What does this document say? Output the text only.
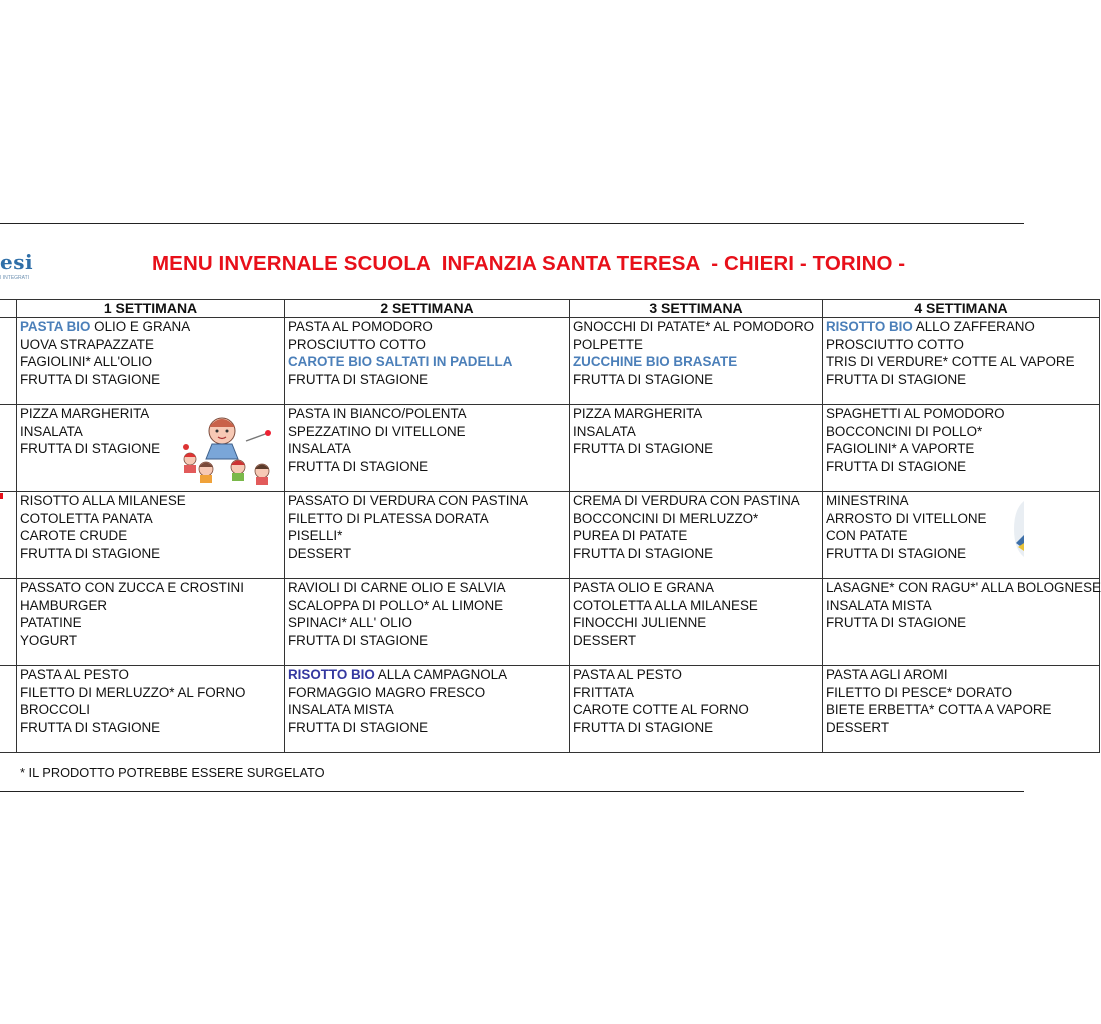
esi
I INTEGRATI
MENU INVERNALE SCUOLA  INFANZIA SANTA TERESA  - CHIERI - TORINO -
	1 SETTIMANA	2 SETTIMANA	3 SETTIMANA	4 SETTIMANA

	PASTA BIO OLIO E GRANA
UOVA STRAPAZZATE
FAGIOLINI* ALL'OLIO
FRUTTA DI STAGIONE	PASTA AL POMODORO
PROSCIUTTO COTTO
CAROTE BIO SALTATI IN PADELLA
FRUTTA DI STAGIONE	GNOCCHI DI PATATE* AL POMODORO
POLPETTE
ZUCCHINE BIO BRASATE
FRUTTA DI STAGIONE	RISOTTO BIO ALLO ZAFFERANO
PROSCIUTTO COTTO
TRIS DI VERDURE* COTTE AL VAPORE
FRUTTA DI STAGIONE

	PIZZA MARGHERITA
INSALATA
FRUTTA DI STAGIONE	PASTA IN BIANCO/POLENTA
SPEZZATINO DI VITELLONE
INSALATA
FRUTTA DI STAGIONE	PIZZA MARGHERITA
INSALATA
FRUTTA DI STAGIONE	SPAGHETTI AL POMODORO
BOCCONCINI DI POLLO*
FAGIOLINI* A VAPORTE
FRUTTA DI STAGIONE

	RISOTTO ALLA MILANESE
COTOLETTA PANATA
CAROTE CRUDE
FRUTTA DI STAGIONE	PASSATO DI VERDURA CON PASTINA
FILETTO DI PLATESSA DORATA
PISELLI*
DESSERT	CREMA DI VERDURA CON PASTINA
BOCCONCINI DI MERLUZZO*
PUREA DI PATATE
FRUTTA DI STAGIONE	MINESTRINA
ARROSTO DI VITELLONE
CON PATATE
FRUTTA DI STAGIONE

	PASSATO CON ZUCCA E CROSTINI
HAMBURGER
PATATINE
YOGURT	RAVIOLI DI CARNE OLIO E SALVIA
SCALOPPA DI POLLO* AL LIMONE
SPINACI* ALL' OLIO
FRUTTA DI STAGIONE	PASTA OLIO E GRANA
COTOLETTA ALLA MILANESE
FINOCCHI JULIENNE
DESSERT	LASAGNE* CON RAGU*' ALLA BOLOGNESE
INSALATA MISTA
FRUTTA DI STAGIONE

	PASTA AL PESTO
FILETTO DI MERLUZZO* AL FORNO
BROCCOLI
FRUTTA DI STAGIONE	RISOTTO BIO ALLA CAMPAGNOLA
FORMAGGIO MAGRO FRESCO
INSALATA MISTA
FRUTTA DI STAGIONE	PASTA AL PESTO
FRITTATA
CAROTE COTTE AL FORNO
FRUTTA DI STAGIONE	PASTA AGLI AROMI
FILETTO DI PESCE* DORATO
BIETE ERBETTA* COTTA A VAPORE
DESSERT
* IL PRODOTTO POTREBBE ESSERE SURGELATO
